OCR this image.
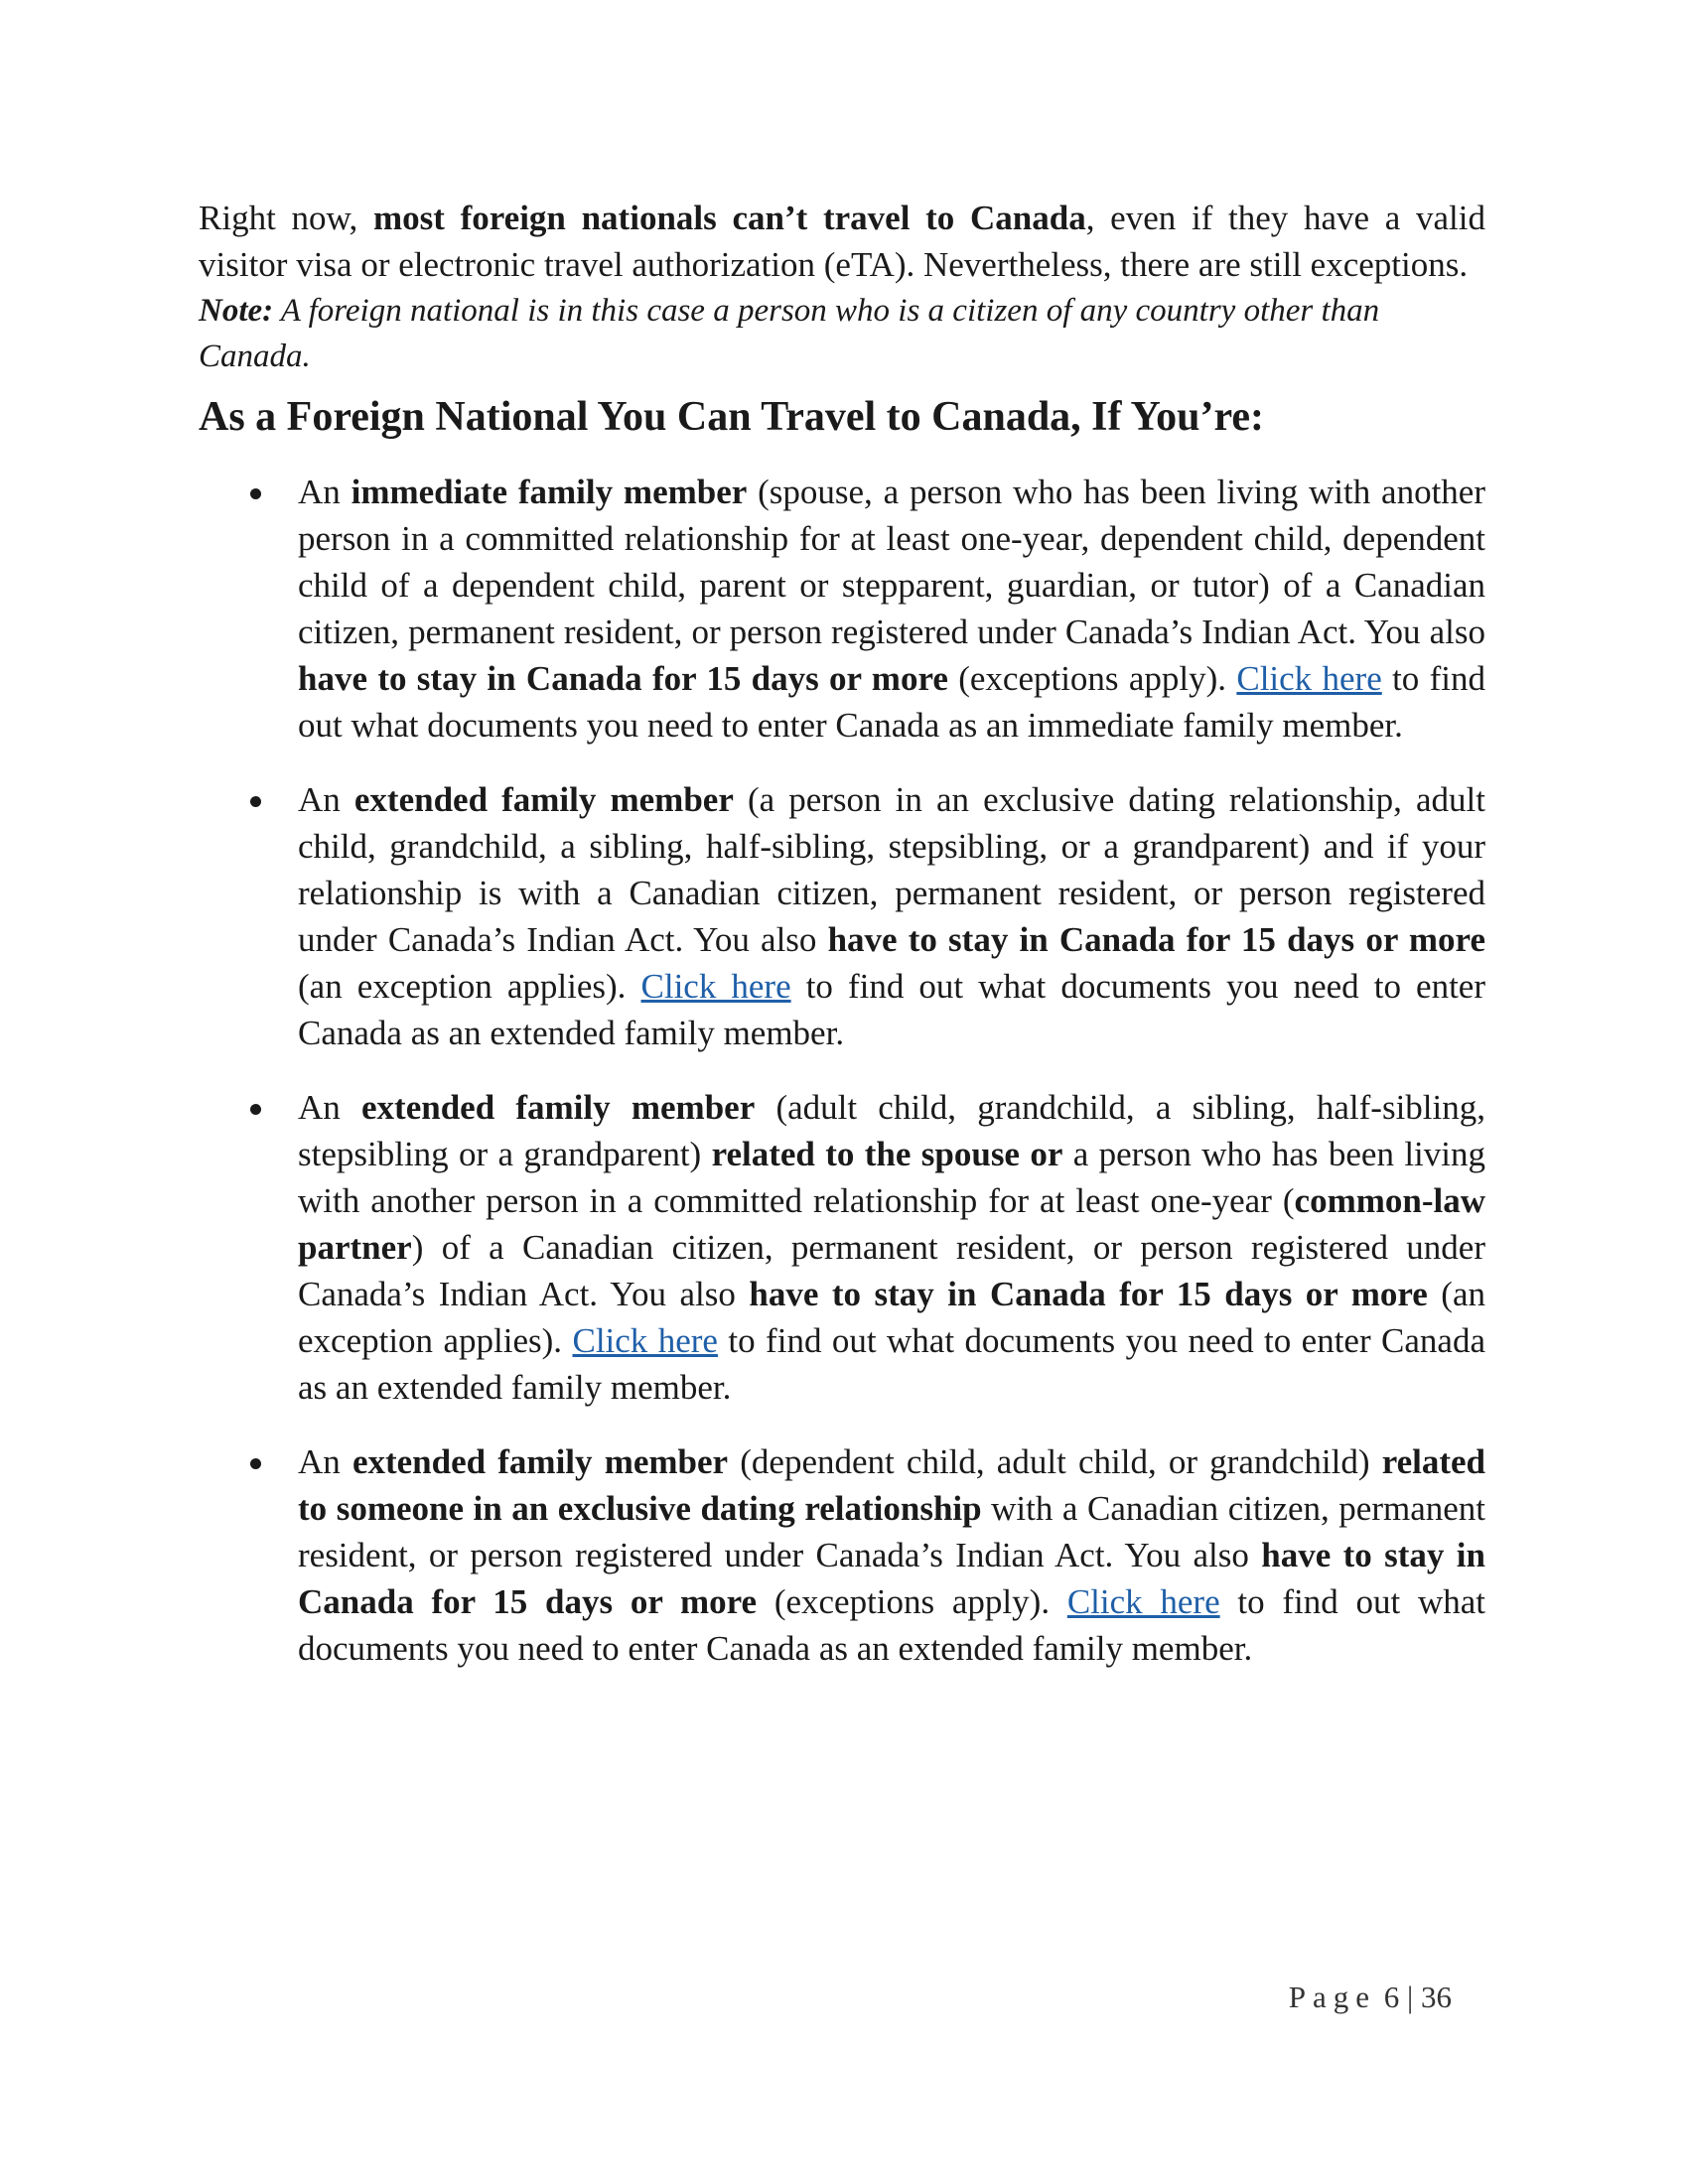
Right now, most foreign nationals can’t travel to Canada, even if they have a valid visitor visa or electronic travel authorization (eTA). Nevertheless, there are still exceptions.

Note: A foreign national is in this case a person who is a citizen of any country other than Canada.

As a Foreign National You Can Travel to Canada, If You’re:

An immediate family member (spouse, a person who has been living with another person in a committed relationship for at least one-year, dependent child, dependent child of a dependent child, parent or stepparent, guardian, or tutor) of a Canadian citizen, permanent resident, or person registered under Canada’s Indian Act. You also have to stay in Canada for 15 days or more (exceptions apply). Click here to find out what documents you need to enter Canada as an immediate family member.

An extended family member (a person in an exclusive dating relationship, adult child, grandchild, a sibling, half-sibling, stepsibling, or a grandparent) and if your relationship is with a Canadian citizen, permanent resident, or person registered under Canada’s Indian Act. You also have to stay in Canada for 15 days or more (an exception applies). Click here to find out what documents you need to enter Canada as an extended family member.

An extended family member (adult child, grandchild, a sibling, half-sibling, stepsibling or a grandparent) related to the spouse or a person who has been living with another person in a committed relationship for at least one-year (common-law partner) of a Canadian citizen, permanent resident, or person registered under Canada’s Indian Act. You also have to stay in Canada for 15 days or more (an exception applies). Click here to find out what documents you need to enter Canada as an extended family member.

An extended family member (dependent child, adult child, or grandchild) related to someone in an exclusive dating relationship with a Canadian citizen, permanent resident, or person registered under Canada’s Indian Act. You also have to stay in Canada for 15 days or more (exceptions apply). Click here to find out what documents you need to enter Canada as an extended family member.

Page 6 | 36
